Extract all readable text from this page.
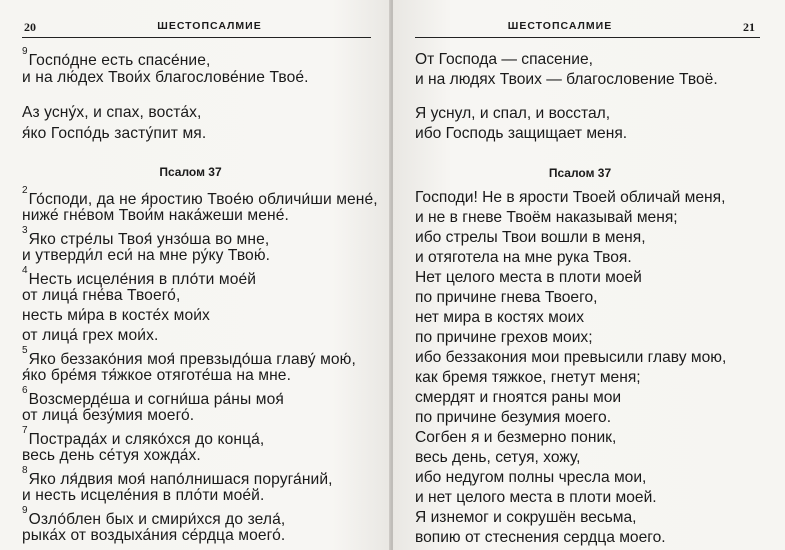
20	ШЕСТОПСАЛМИЕ
$^9$Госпо́дне есть спасе́ние,
и на лю́дех Твои́х благослове́ние Твое́.
Аз усну́х, и спах, воста́х,
я́ко Госпо́дь засту́пит мя.
Псалом 37
$^2$Го́споди, да не я́ростию Твое́ю обличи́ши мене́,
ниже́ гне́вом Твои́м нака́жеши мене́.
$^3$Яко стре́лы Твоя́ унзо́ша во мне,
и утверди́л еси́ на мне ру́ку Твою́.
$^4$Несть исцеле́ния в пло́ти мое́й
от лица́ гне́ва Твоего́,
несть ми́ра в косте́х мои́х
от лица́ грех мои́х.
$^5$Яко беззако́ния моя́ превзыдо́ша главу́ мою́,
я́ко бре́мя тя́жкое отяготе́ша на мне.
$^6$Возсмерде́ша и согни́ша ра́ны моя́
от лица́ безу́мия моего́.
$^7$Пострада́х и сляко́хся до конца́,
весь день се́туя хожда́х.
$^8$Яко ля́двия моя́ напо́лнишася поруга́ний,
и несть исцеле́ния в пло́ти мое́й.
$^9$Озло́блен бых и смири́хся до зела́,
рыка́х от воздыха́ния се́рдца моего́.
ШЕСТОПСАЛМИЕ	21
От Господа — спасение,
и на людях Твоих — благословение Твоё.
Я уснул, и спал, и восстал,
ибо Господь защищает меня.
Псалом 37
Господи! Не в ярости Твоей обличай меня,
и не в гневе Твоём наказывай меня;
ибо стрелы Твои вошли в меня,
и отяготела на мне рука Твоя.
Нет целого места в плоти моей
по причине гнева Твоего,
нет мира в костях моих
по причине грехов моих;
ибо беззакония мои превысили главу мою,
как бремя тяжкое, гнетут меня;
смердят и гноятся раны мои
по причине безумия моего.
Согбен я и безмерно поник,
весь день, сетуя, хожу,
ибо недугом полны чресла мои,
и нет целого места в плоти моей.
Я изнемог и сокрушён весьма,
вопию от стеснения сердца моего.
